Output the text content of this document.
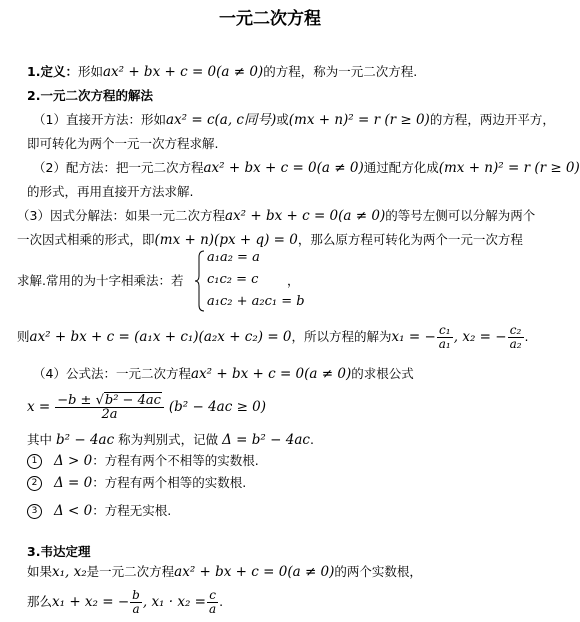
一元二次方程
1.定义：形如ax² + bx + c = 0(a ≠ 0)的方程，称为一元二次方程.
2.一元二次方程的解法
（1）直接开方法：形如ax² = c(a, c同号)或(mx + n)² = r (r ≥ 0)的方程，两边开平方，
即可转化为两个一元一次方程求解.
（2）配方法：把一元二次方程ax² + bx + c = 0(a ≠ 0)通过配方化成(mx + n)² = r (r ≥ 0)
的形式，再用直接开方法求解.
（3）因式分解法：如果一元二次方程ax² + bx + c = 0(a ≠ 0)的等号左侧可以分解为两个
一次因式相乘的形式，即(mx + n)(px + q) = 0，那么原方程可转化为两个一元一次方程
求解.常用的为十字相乘法：若
a₁a₂ = a
c₁c₂ = c
a₁c₂ + a₂c₁ = b
，
则ax² + bx + c = (a₁x + c₁)(a₂x + c₂) = 0，所以方程的解为x₁ = − $\frac{\text{c₁}}{\text{a₁}}$ , x₂ = − $\frac{\text{c₂}}{\text{a₂}}$ .
（4）公式法：一元二次方程ax² + bx + c = 0(a ≠ 0)的求根公式
$x = \frac{\text{−b ± √b² − 4ac}}{2a} (b^2 - 4ac \ge 0)$
其中 b² − 4ac 称为判别式，记做 Δ = b² − 4ac.
1 Δ > 0：方程有两个不相等的实数根.
2 Δ = 0：方程有两个相等的实数根.
3 Δ < 0：方程无实根.
3.韦达定理
如果x₁, x₂是一元二次方程ax² + bx + c = 0(a ≠ 0)的两个实数根，
那么x₁ + x₂ = − $\frac{b}{a}$ , $x_1 \cdot x_2 = \frac{c}{a}$ .
